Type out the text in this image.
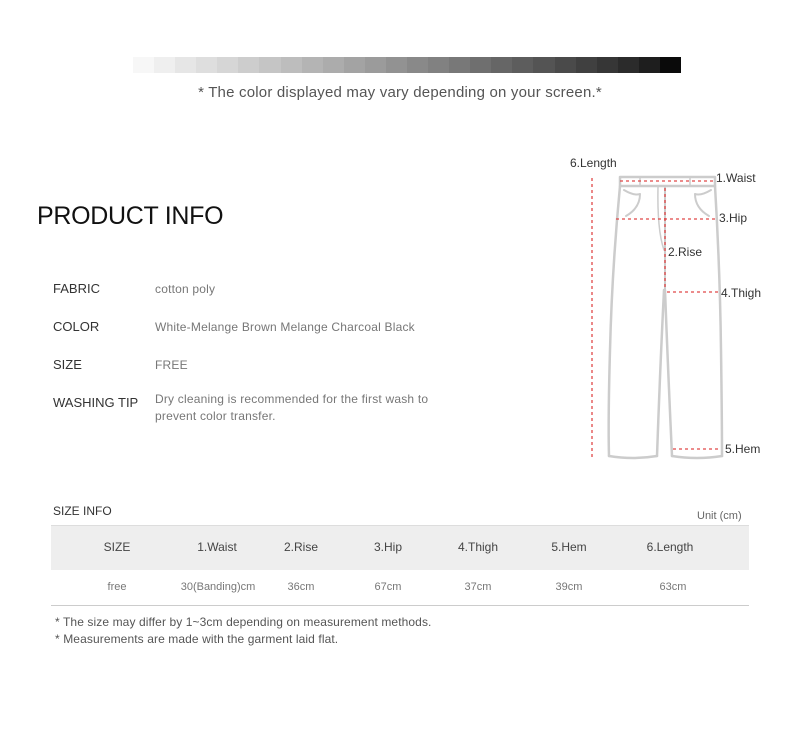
* The color displayed may vary depending on your screen.*
PRODUCT INFO
FABRIC	cotton poly
COLOR	White-Melange Brown Melange Charcoal Black
SIZE	FREE
WASHING TIP Dry cleaning is recommended for the first wash to prevent color transfer.
6.Length
1.Waist
3.Hip
2.Rise
4.Thigh
5.Hem
SIZE INFO	Unit (cm)
SIZE	1.Waist	2.Rise	3.Hip	4.Thigh	5.Hem	6.Length
free	30(Banding)cm	36cm	67cm	37cm	39cm	63cm
* The size may differ by 1~3cm depending on measurement methods.
* Measurements are made with the garment laid flat.
